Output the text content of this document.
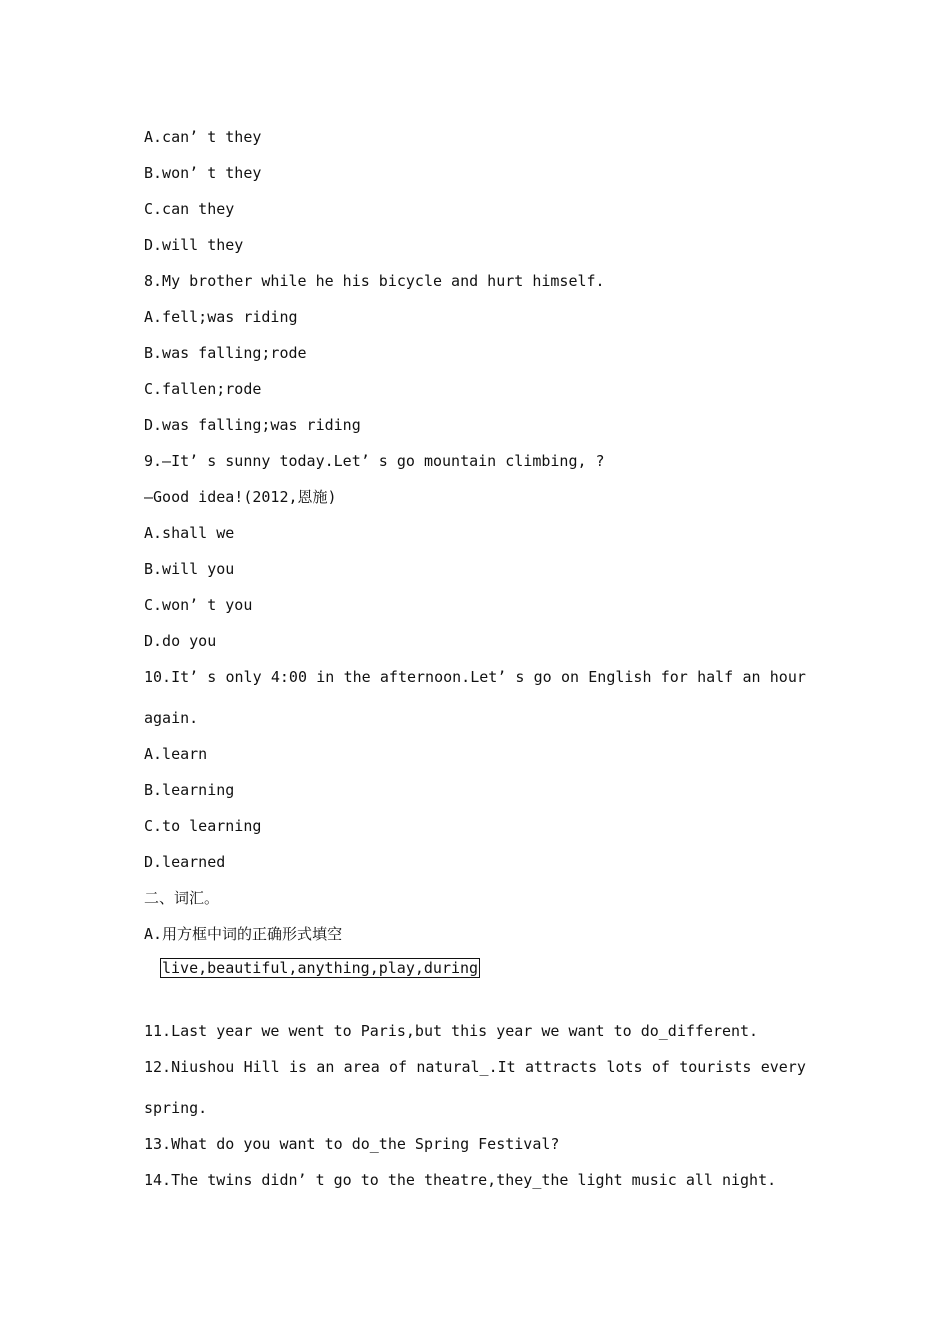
A.can’ t they
B.won’ t they
C.can they
D.will they
8.My brother while he his bicycle and hurt himself.
A.fell;was riding
B.was falling;rode
C.fallen;rode
D.was falling;was riding
9.—It’ s sunny today.Let’ s go mountain climbing, ?
—Good idea!(2012,恩施)
A.shall we
B.will you
C.won’ t you
D.do you
10.It’ s only 4:00 in the afternoon.Let’ s go on English for half an hour
again.
A.learn
B.learning
C.to learning
D.learned
二、词汇。
A.用方框中词的正确形式填空
live,beautiful,anything,play,during
11.Last year we went to Paris,but this year we want to do_different.
12.Niushou Hill is an area of natural_.It attracts lots of tourists every
spring.
13.What do you want to do_the Spring Festival?
14.The twins didn’ t go to the theatre,they_the light music all night.
